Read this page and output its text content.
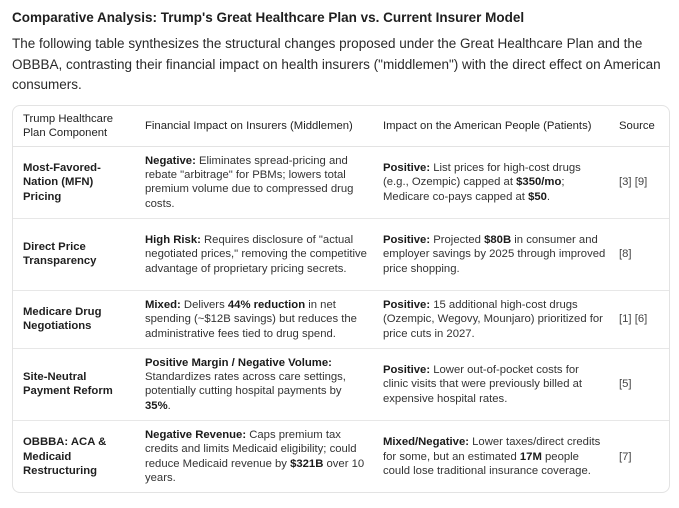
Comparative Analysis: Trump's Great Healthcare Plan vs. Current Insurer Model
The following table synthesizes the structural changes proposed under the Great Healthcare Plan and the OBBBA, contrasting their financial impact on health insurers ("middlemen") with the direct effect on American consumers.
Trump Healthcare Plan Component	Financial Impact on Insurers (Middlemen)	Impact on the American People (Patients)	Source
Most-Favored-Nation (MFN) Pricing	Negative: Eliminates spread-pricing and rebate "arbitrage" for PBMs; lowers total premium volume due to compressed drug costs.	Positive: List prices for high-cost drugs (e.g., Ozempic) capped at $350/mo; Medicare co-pays capped at $50.	[3] [9]
Direct Price Transparency	High Risk: Requires disclosure of "actual negotiated prices," removing the competitive advantage of proprietary pricing secrets.	Positive: Projected $80B in consumer and employer savings by 2025 through improved price shopping.	[8]
Medicare Drug Negotiations	Mixed: Delivers 44% reduction in net spending (~$12B savings) but reduces the administrative fees tied to drug spend.	Positive: 15 additional high-cost drugs (Ozempic, Wegovy, Mounjaro) prioritized for price cuts in 2027.	[1] [6]
Site-Neutral Payment Reform	Positive Margin / Negative Volume: Standardizes rates across care settings, potentially cutting hospital payments by 35%.	Positive: Lower out-of-pocket costs for clinic visits that were previously billed at expensive hospital rates.	[5]
OBBBA: ACA & Medicaid Restructuring	Negative Revenue: Caps premium tax credits and limits Medicaid eligibility; could reduce Medicaid revenue by $321B over 10 years.	Mixed/Negative: Lower taxes/direct credits for some, but an estimated 17M people could lose traditional insurance coverage.	[7]
